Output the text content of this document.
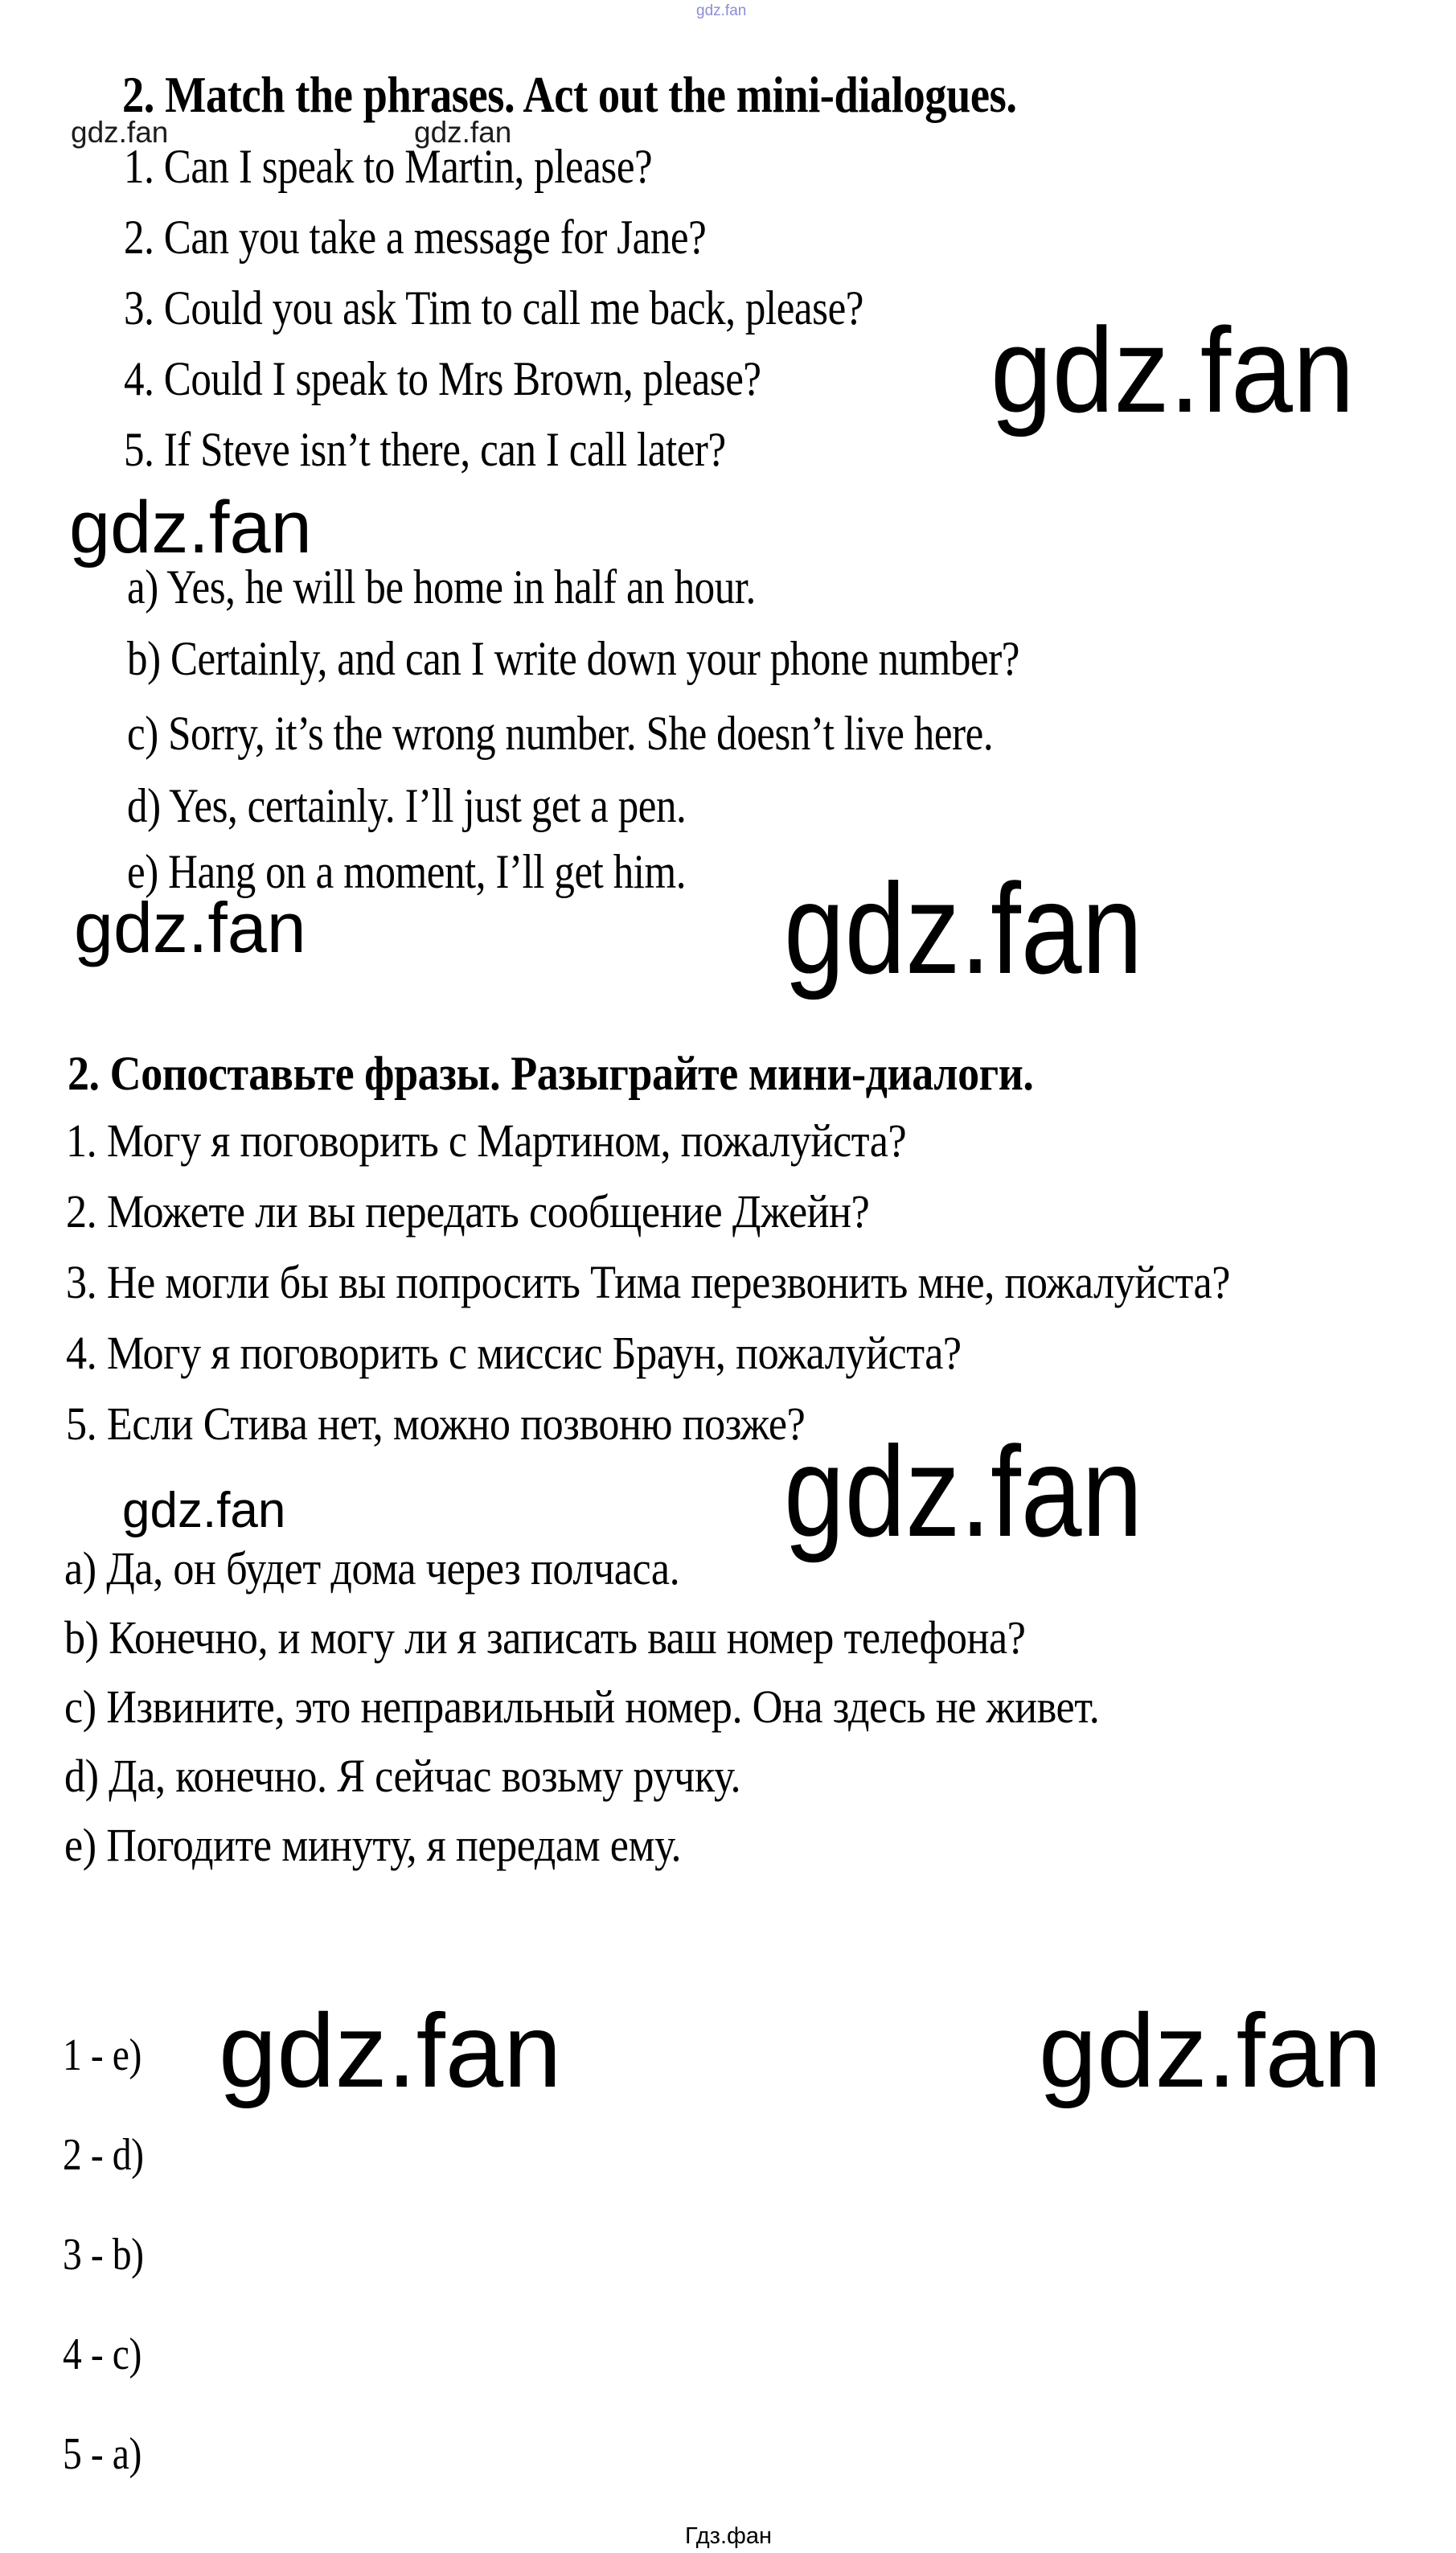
gdz.fan
gdz.fan	gdz.fan
gdz.fan
gdz.fan
gdz.fan	gdz.fan
gdz.fan	gdz.fan
gdz.fan	gdz.fan
2. Match the phrases. Act out the mini-dialogues.
1. Can I speak to Martin, please?
2. Can you take a message for Jane?
3. Could you ask Tim to call me back, please?
4. Could I speak to Mrs Brown, please?
5. If Steve isn’t there, can I call later?
a) Yes, he will be home in half an hour.
b) Certainly, and can I write down your phone number?
c) Sorry, it’s the wrong number. She doesn’t live here.
d) Yes, certainly. I’ll just get a pen.
e) Hang on a moment, I’ll get him.
2. Сопоставьте фразы. Разыграйте мини-диалоги.
1. Могу я поговорить с Мартином, пожалуйста?
2. Можете ли вы передать сообщение Джейн?
3. Не могли бы вы попросить Тима перезвонить мне, пожалуйста?
4. Могу я поговорить с миссис Браун, пожалуйста?
5. Если Стива нет, можно позвоню позже?
a) Да, он будет дома через полчаса.
b) Конечно, и могу ли я записать ваш номер телефона?
c) Извините, это неправильный номер. Она здесь не живет.
d) Да, конечно. Я сейчас возьму ручку.
e) Погодите минуту, я передам ему.
1 - e)
2 - d)
3 - b)
4 - c)
5 - a)
Гдз.фан
